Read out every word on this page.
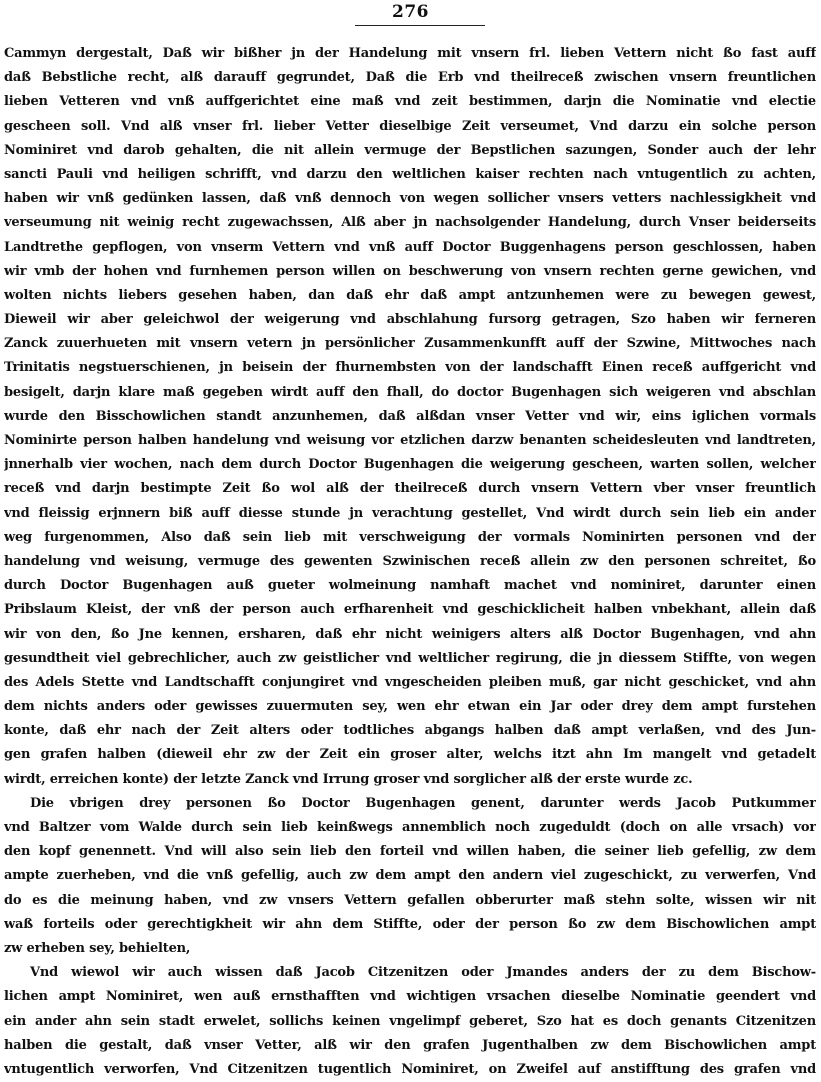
276
Cammyn dergestalt, Daß wir bißher jn der Handelung mit vnsern frl. lieben Vettern nicht ßo fast auff
daß Bebstliche recht, alß darauff gegrundet, Daß die Erb vnd theilreceß zwischen vnsern freuntlichen
lieben Vetteren vnd vnß auffgerichtet eine maß vnd zeit bestimmen, darjn die Nominatie vnd electie
gescheen soll. Vnd alß vnser frl. lieber Vetter dieselbige Zeit verseumet, Vnd darzu ein solche person
Nominiret vnd darob gehalten, die nit allein vermuge der Bepstlichen sazungen, Sonder auch der lehr
sancti Pauli vnd heiligen schrifft, vnd darzu den weltlichen kaiser rechten nach vntugentlich zu achten,
haben wir vnß gedünken lassen, daß vnß dennoch von wegen sollicher vnsers vetters nachlessigkheit vnd
verseumung nit weinig recht zugewachssen, Alß aber jn nachsolgender Handelung, durch Vnser beiderseits
Landtrethe gepflogen, von vnserm Vettern vnd vnß auff Doctor Buggenhagens person geschlossen, haben
wir vmb der hohen vnd furnhemen person willen on beschwerung von vnsern rechten gerne gewichen, vnd
wolten nichts liebers gesehen haben, dan daß ehr daß ampt antzunhemen were zu bewegen gewest,
Dieweil wir aber geleichwol der weigerung vnd abschlahung fursorg getragen, Szo haben wir ferneren
Zanck zuuerhueten mit vnsern vetern jn persönlicher Zusammenkunfft auff der Szwine, Mittwoches nach
Trinitatis negstuerschienen, jn beisein der fhurnembsten von der landschafft Einen receß auffgericht vnd
besigelt, darjn klare maß gegeben wirdt auff den fhall, do doctor Bugenhagen sich weigeren vnd abschlan
wurde den Bisschowlichen standt anzunhemen, daß alßdan vnser Vetter vnd wir, eins iglichen vormals
Nominirte person halben handelung vnd weisung vor etzlichen darzw benanten scheidesleuten vnd landtreten,
jnnerhalb vier wochen, nach dem durch Doctor Bugenhagen die weigerung gescheen, warten sollen, welcher
receß vnd darjn bestimpte Zeit ßo wol alß der theilreceß durch vnsern Vettern vber vnser freuntlich
vnd fleissig erjnnern biß auff diesse stunde jn verachtung gestellet, Vnd wirdt durch sein lieb ein ander
weg furgenommen, Also daß sein lieb mit verschweigung der vormals Nominirten personen vnd der
handelung vnd weisung, vermuge des gewenten Szwinischen receß allein zw den personen schreitet, ßo
durch Doctor Bugenhagen auß gueter wolmeinung namhaft machet vnd nominiret, darunter einen
Pribslaum Kleist, der vnß der person auch erfharenheit vnd geschicklicheit halben vnbekhant, allein daß
wir von den, ßo Jne kennen, ersharen, daß ehr nicht weinigers alters alß Doctor Bugenhagen, vnd ahn
gesundtheit viel gebrechlicher, auch zw geistlicher vnd weltlicher regirung, die jn diessem Stiffte, von wegen
des Adels Stette vnd Landtschafft conjungiret vnd vngescheiden pleiben muß, gar nicht geschicket, vnd ahn
dem nichts anders oder gewisses zuuermuten sey, wen ehr etwan ein Jar oder drey dem ampt furstehen
konte, daß ehr nach der Zeit alters oder todtliches abgangs halben daß ampt verlaßen, vnd des Jun-
gen grafen halben (dieweil ehr zw der Zeit ein groser alter, welchs itzt ahn Im mangelt vnd getadelt
wirdt, erreichen konte) der letzte Zanck vnd Irrung groser vnd sorglicher alß der erste wurde zc.
Die vbrigen drey personen ßo Doctor Bugenhagen genent, darunter werds Jacob Putkummer
vnd Baltzer vom Walde durch sein lieb keinßwegs annemblich noch zugeduldt (doch on alle vrsach) vor
den kopf genennett. Vnd will also sein lieb den forteil vnd willen haben, die seiner lieb gefellig, zw dem
ampte zuerheben, vnd die vnß gefellig, auch zw dem ampt den andern viel zugeschickt, zu verwerfen, Vnd
do es die meinung haben, vnd zw vnsers Vettern gefallen obberurter maß stehn solte, wissen wir nit
waß forteils oder gerechtigkheit wir ahn dem Stiffte, oder der person ßo zw dem Bischowlichen ampt
zw erheben sey, behielten,
Vnd wiewol wir auch wissen daß Jacob Citzenitzen oder Jmandes anders der zu dem Bischow-
lichen ampt Nominiret, wen auß ernsthafften vnd wichtigen vrsachen dieselbe Nominatie geendert vnd
ein ander ahn sein stadt erwelet, sollichs keinen vngelimpf geberet, Szo hat es doch genants Citzenitzen
halben die gestalt, daß vnser Vetter, alß wir den grafen Jugenthalben zw dem Bischowlichen ampt
vntugentlich verworfen, Vnd Citzenitzen tugentlich Nominiret, on Zweifel auf anstifftung des grafen vnd
